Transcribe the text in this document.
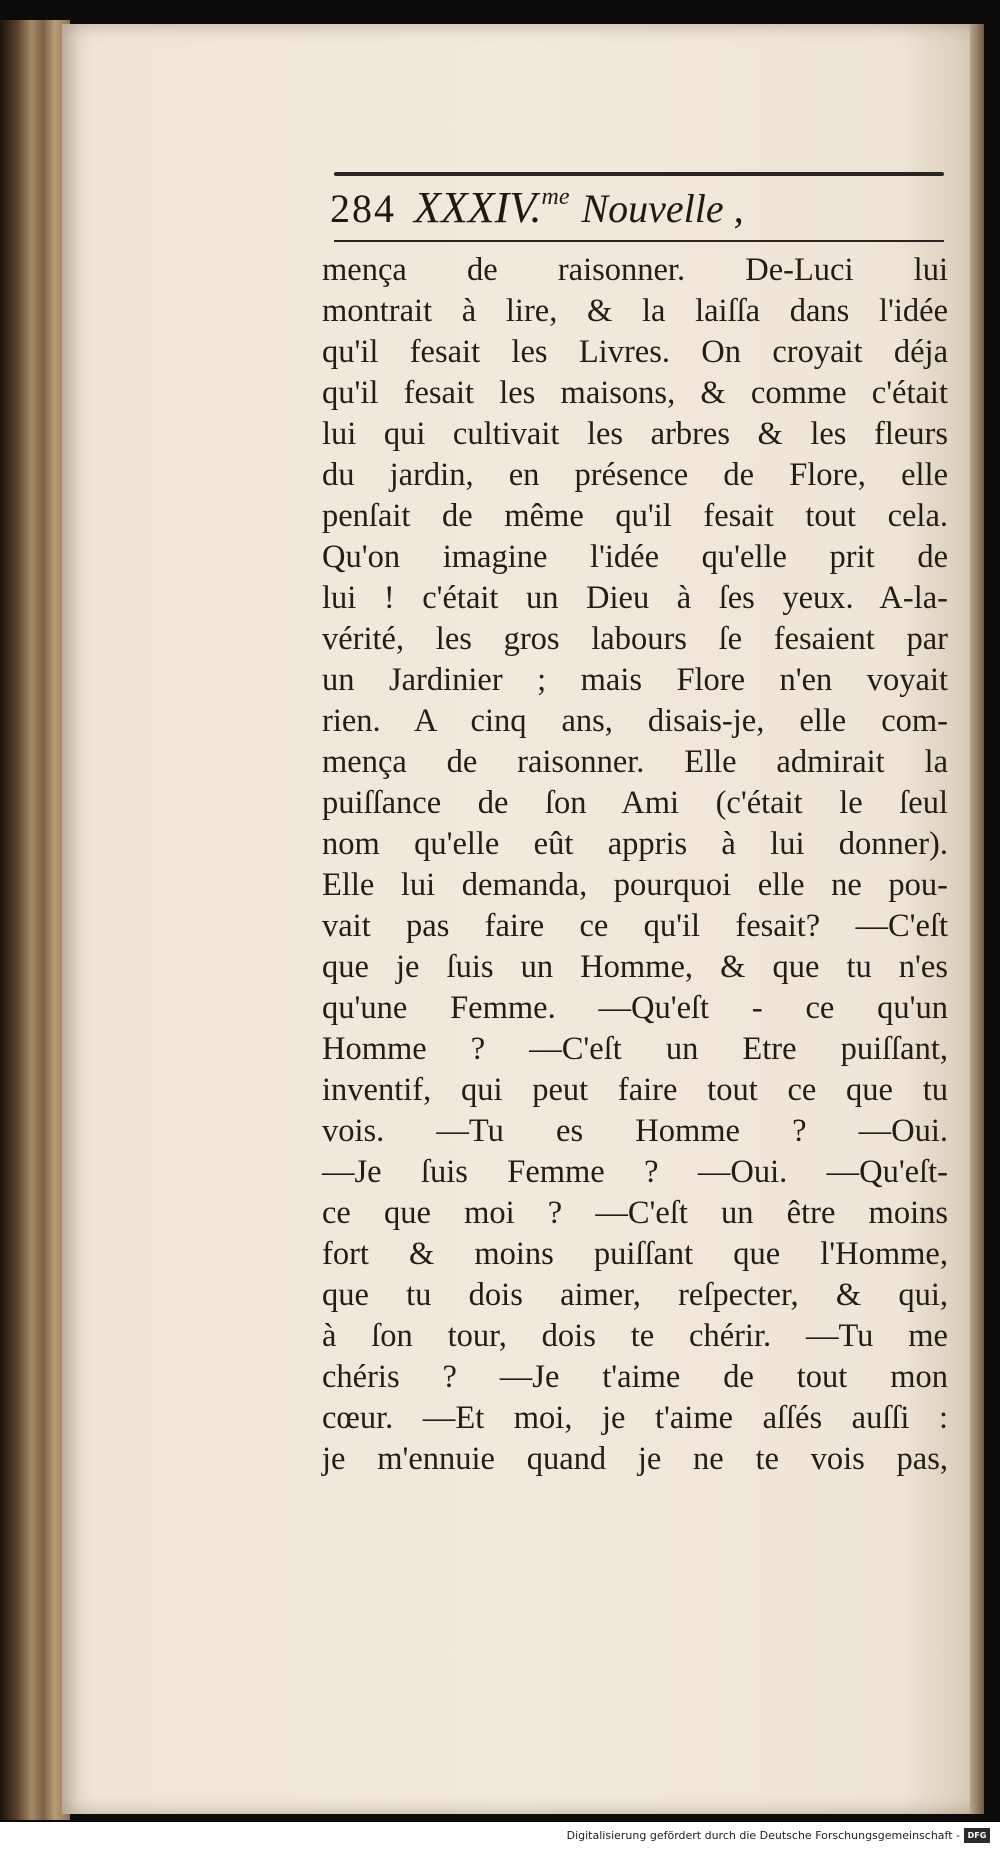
284 XXXIV.me Nouvelle ,
mença de raisonner. De-Luci lui
montrait à lire, & la laiſſa dans l'idée
qu'il fesait les Livres. On croyait déja
qu'il fesait les maisons, & comme c'était
lui qui cultivait les arbres & les fleurs
du jardin, en présence de Flore, elle
penſait de même qu'il fesait tout cela.
Qu'on imagine l'idée qu'elle prit de
lui ! c'était un Dieu à ſes yeux. A-la-
vérité, les gros labours ſe fesaient par
un Jardinier ; mais Flore n'en voyait
rien. A cinq ans, disais-je, elle com-
mença de raisonner. Elle admirait la
puiſſance de ſon Ami (c'était le ſeul
nom qu'elle eût appris à lui donner).
Elle lui demanda, pourquoi elle ne pou-
vait pas faire ce qu'il fesait? —C'eſt
que je ſuis un Homme, & que tu n'es
qu'une Femme. —Qu'eſt - ce qu'un
Homme ? —C'eſt un Etre puiſſant,
inventif, qui peut faire tout ce que tu
vois. —Tu es Homme ? —Oui.
—Je ſuis Femme ? —Oui. —Qu'eſt-
ce que moi ? —C'eſt un être moins
fort & moins puiſſant que l'Homme,
que tu dois aimer, reſpecter, & qui,
à ſon tour, dois te chérir. —Tu me
chéris ? —Je t'aime de tout mon
cœur. —Et moi, je t'aime aſſés auſſi :
je m'ennuie quand je ne te vois pas,
Digitalisierung gefördert durch die Deutsche Forschungsgemeinschaft - DFG
